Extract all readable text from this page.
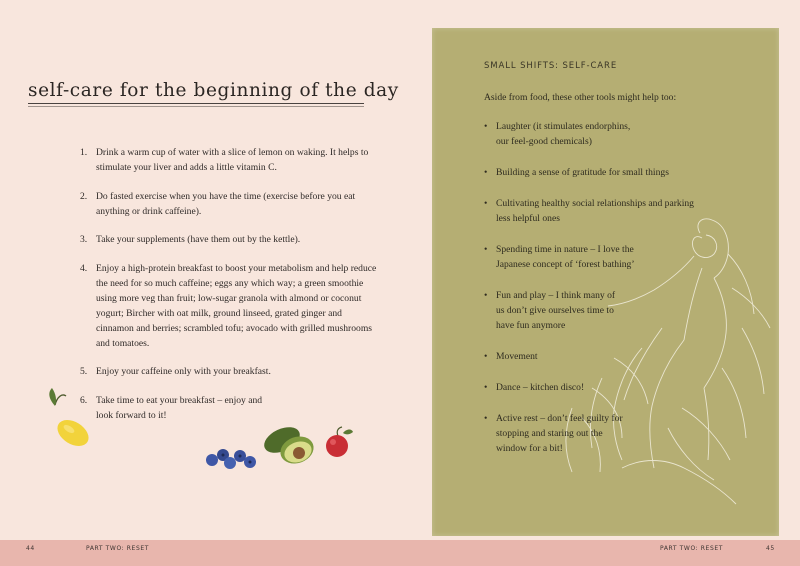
self-care for the beginning of the day
1. Drink a warm cup of water with a slice of lemon on waking. It helps to stimulate your liver and adds a little vitamin C.
2. Do fasted exercise when you have the time (exercise before you eat anything or drink caffeine).
3. Take your supplements (have them out by the kettle).
4. Enjoy a high-protein breakfast to boost your metabolism and help reduce the need for so much caffeine; eggs any which way; a green smoothie using more veg than fruit; low-sugar granola with almond or coconut yogurt; Bircher with oat milk, ground linseed, grated ginger and cinnamon and berries; scrambled tofu; avocado with grilled mushrooms and tomatoes.
5. Enjoy your caffeine only with your breakfast.
6. Take time to eat your breakfast – enjoy and look forward to it!
SMALL SHIFTS: SELF-CARE

Aside from food, these other tools might help too:

• Laughter (it stimulates endorphins, our feel-good chemicals)
• Building a sense of gratitude for small things
• Cultivating healthy social relationships and parking less helpful ones
• Spending time in nature – I love the Japanese concept of ‘forest bathing’
• Fun and play – I think many of us don’t give ourselves time to have fun anymore
• Movement
• Dance – kitchen disco!
• Active rest – don’t feel guilty for stopping and staring out the window for a bit!
44	PART TWO: RESET	PART TWO: RESET	45
